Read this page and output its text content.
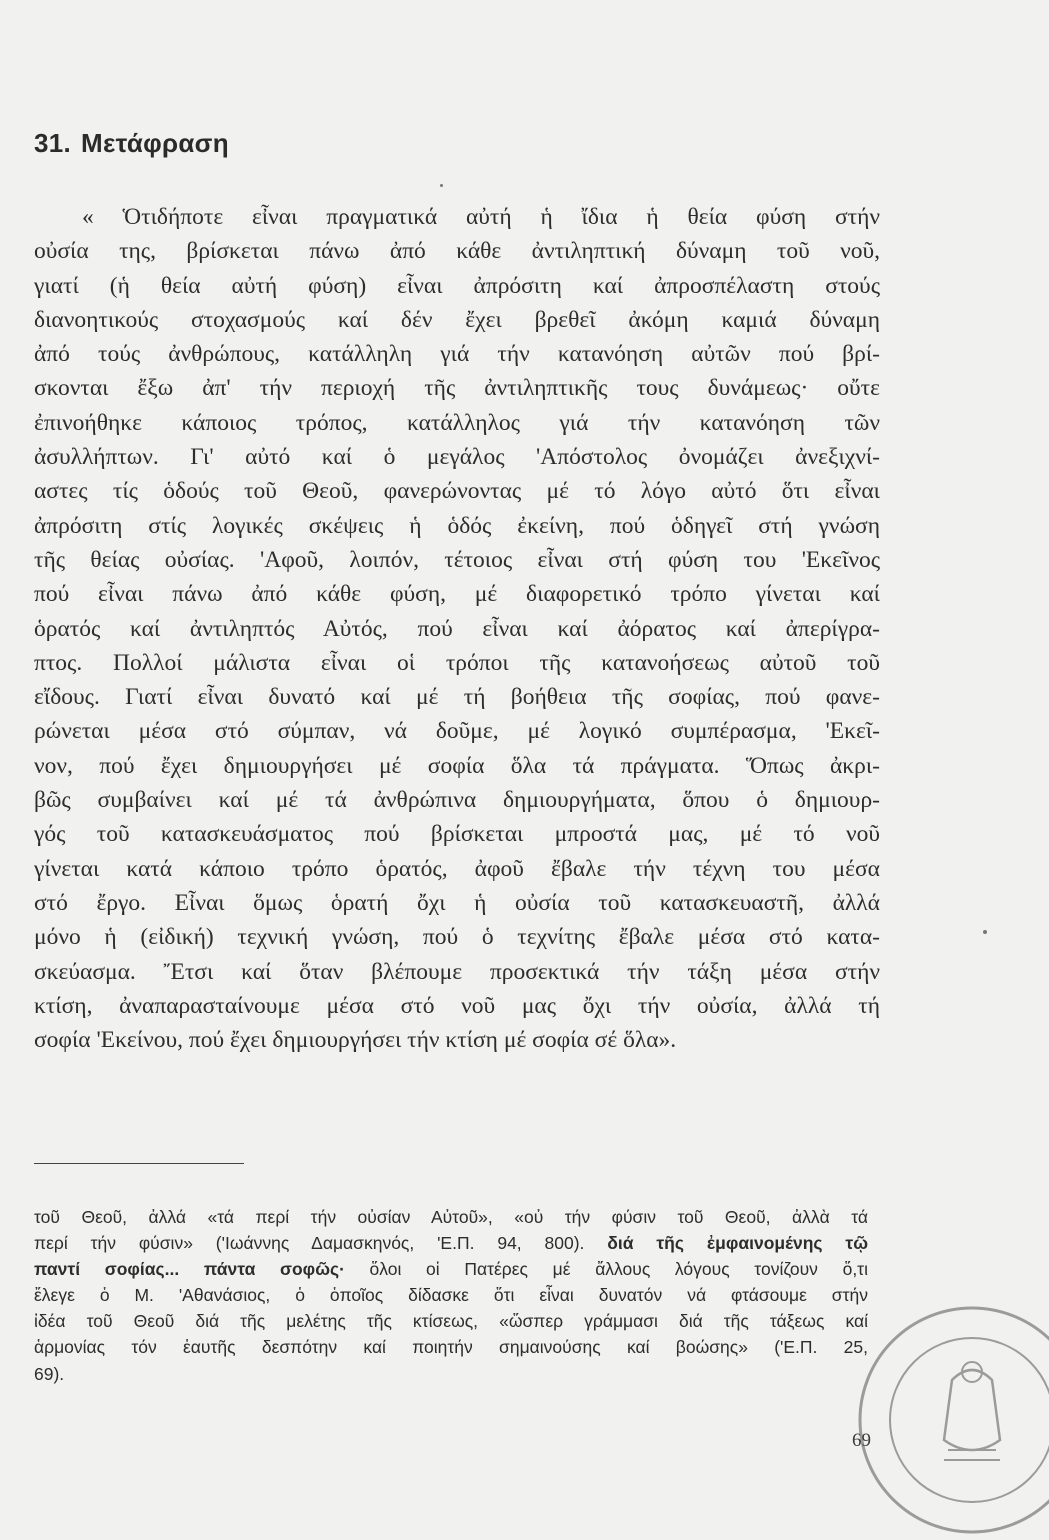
31. Μετάφραση
« Ὁτιδήποτε εἶναι πραγματικά αὐτή ἡ ἴδια ἡ θεία φύση στήν
οὐσία της, βρίσκεται πάνω ἀπό κάθε ἀντιληπτική δύναμη τοῦ νοῦ,
γιατί (ἡ θεία αὐτή φύση) εἶναι ἀπρόσιτη καί ἀπροσπέλαστη στούς
διανοητικούς στοχασμούς καί δέν ἔχει βρεθεῖ ἀκόμη καμιά δύναμη
ἀπό τούς ἀνθρώπους, κατάλληλη γιά τήν κατανόηση αὐτῶν πού βρί-
σκονται ἔξω ἀπ' τήν περιοχή τῆς ἀντιληπτικῆς τους δυνάμεως· οὔτε
ἐπινοήθηκε κάποιος τρόπος, κατάλληλος γιά τήν κατανόηση τῶν
ἀσυλλήπτων. Γι' αὐτό καί ὁ μεγάλος 'Απόστολος ὀνομάζει ἀνεξιχνί-
αστες τίς ὁδούς τοῦ Θεοῦ, φανερώνοντας μέ τό λόγο αὐτό ὅτι εἶναι
ἀπρόσιτη στίς λογικές σκέψεις ἡ ὁδός ἐκείνη, πού ὁδηγεῖ στή γνώση
τῆς θείας οὐσίας. 'Αφοῦ, λοιπόν, τέτοιος εἶναι στή φύση του 'Εκεῖνος
πού εἶναι πάνω ἀπό κάθε φύση, μέ διαφορετικό τρόπο γίνεται καί
ὁρατός καί ἀντιληπτός Αὐτός, πού εἶναι καί ἀόρατος καί ἀπερίγρα-
πτος. Πολλοί μάλιστα εἶναι οἱ τρόποι τῆς κατανοήσεως αὐτοῦ τοῦ
εἴδους. Γιατί εἶναι δυνατό καί μέ τή βοήθεια τῆς σοφίας, πού φανε-
ρώνεται μέσα στό σύμπαν, νά δοῦμε, μέ λογικό συμπέρασμα, 'Εκεῖ-
νον, πού ἔχει δημιουργήσει μέ σοφία ὅλα τά πράγματα. Ὅπως ἀκρι-
βῶς συμβαίνει καί μέ τά ἀνθρώπινα δημιουργήματα, ὅπου ὁ δημιουρ-
γός τοῦ κατασκευάσματος πού βρίσκεται μπροστά μας, μέ τό νοῦ
γίνεται κατά κάποιο τρόπο ὁρατός, ἀφοῦ ἔβαλε τήν τέχνη του μέσα
στό ἔργο. Εἶναι ὅμως ὁρατή ὄχι ἡ οὐσία τοῦ κατασκευαστῆ, ἀλλά
μόνο ἡ (εἰδική) τεχνική γνώση, πού ὁ τεχνίτης ἔβαλε μέσα στό κατα-
σκεύασμα. Ἔτσι καί ὅταν βλέπουμε προσεκτικά τήν τάξη μέσα στήν
κτίση, ἀναπαρασταίνουμε μέσα στό νοῦ μας ὄχι τήν οὐσία, ἀλλά τή
σοφία 'Εκείνου, πού ἔχει δημιουργήσει τήν κτίση μέ σοφία σέ ὅλα».
τοῦ Θεοῦ, ἀλλά «τά περί τήν οὐσίαν Αὐτοῦ», «οὐ τήν φύσιν τοῦ Θεοῦ, ἀλλὰ τά
περί τήν φύσιν» ('Ιωάννης Δαμασκηνός, 'Ε.Π. 94, 800). διά τῆς ἐμφαινομένης τῷ
παντί σοφίας... πάντα σοφῶς· ὅλοι οἱ Πατέρες μέ ἄλλους λόγους τονίζουν ὅ,τι
ἔλεγε ὁ Μ. 'Αθανάσιος, ὁ ὁποῖος δίδασκε ὅτι εἶναι δυνατόν νά φτάσουμε στήν
ἰδέα τοῦ Θεοῦ διά τῆς μελέτης τῆς κτίσεως, «ὥσπερ γράμμασι διά τῆς τάξεως καί
ἁρμονίας τόν ἑαυτῆς δεσπότην καί ποιητήν σημαινούσης καί βοώσης» ('Ε.Π. 25,
69).
69
